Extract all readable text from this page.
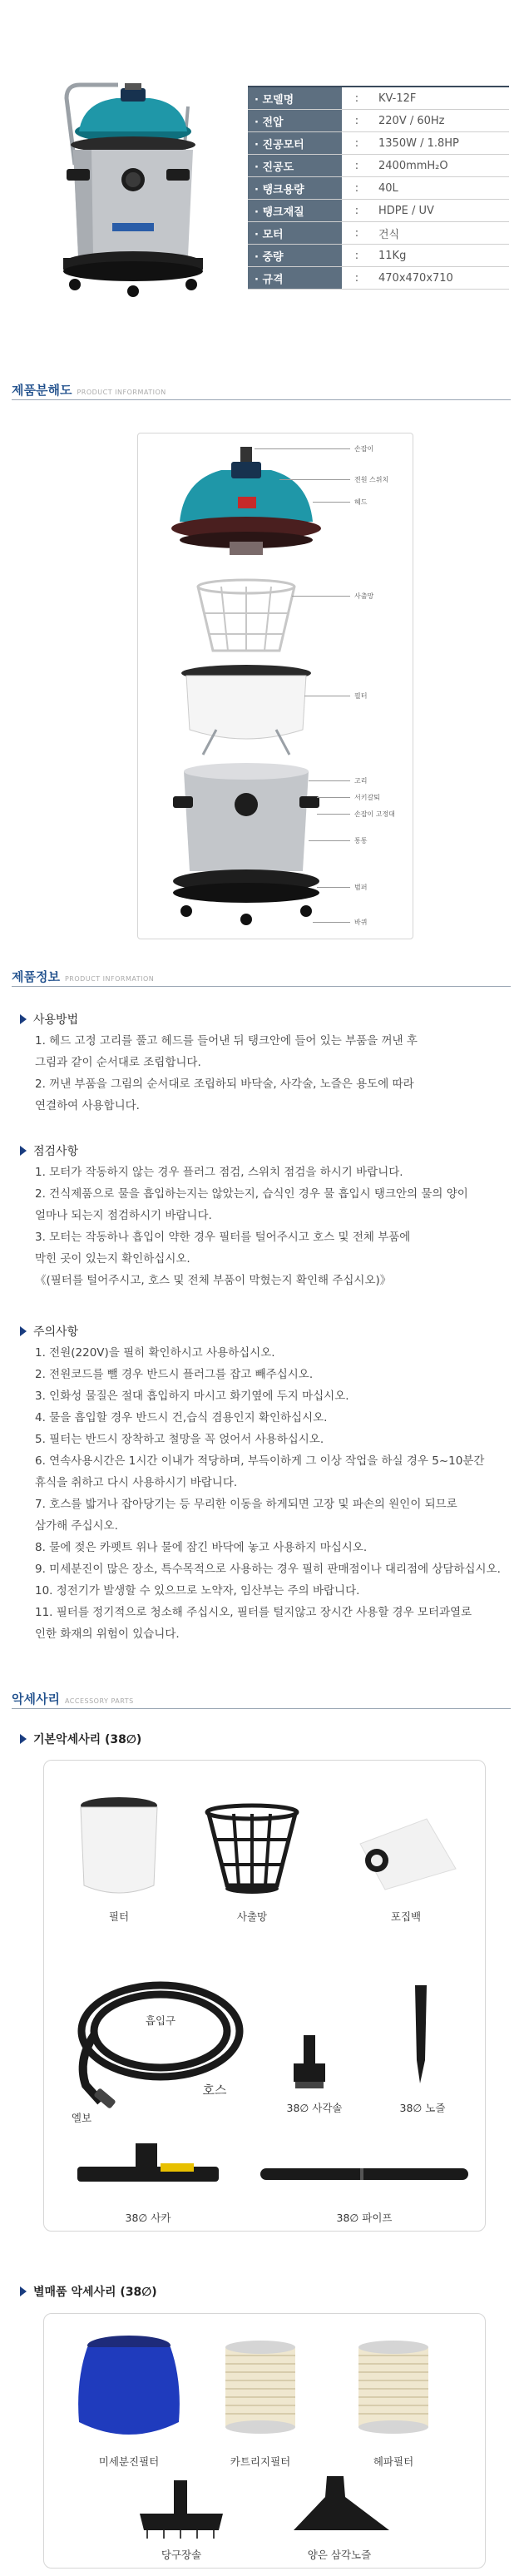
· 모델명	:	KV-12F
· 전압	:	220V / 60Hz
· 진공모터	:	1350W / 1.8HP
· 진공도	:	2400mmH₂O
· 탱크용량	:	40L
· 탱크재질	:	HDPE / UV
· 모터	:	건식
· 중량	:	11Kg
· 규격	:	470x470x710
제품분해도 PRODUCT INFORMATION
손잡이
전원 스위치
헤드
사출망
필터
고리
서키갈퇴
손잡이 고정대
통통
범퍼
바퀴
제품정보 PRODUCT INFORMATION
사용방법
1. 헤드 고정 고리를 풀고 헤드를 들어낸 뒤 탱크안에 들어 있는 부품을 꺼낸 후
그림과 같이 순서대로 조립합니다.
2. 꺼낸 부품을 그림의 순서대로 조립하되 바닥술, 사각술, 노즐은 용도에 따라
연결하여 사용합니다.
점검사항
1. 모터가 작동하지 않는 경우 플러그 점검, 스위치 점검을 하시기 바랍니다.
2. 건식제품으로 물을 흡입하는지는 않았는지, 습식인 경우 물 흡입시 탱크안의 물의 양이
얼마나 되는지 점검하시기 바랍니다.
3. 모터는 작동하나 흡입이 약한 경우 필터를 털어주시고 호스 및 전체 부품에
막힌 곳이 있는지 확인하십시오.
《(필터를 털어주시고, 호스 및 전체 부품이 막혔는지 확인해 주십시오)》
주의사항
1. 전원(220V)을 필히 확인하시고 사용하십시오.
2. 전원코드를 뺄 경우 반드시 플러그를 잡고 빼주십시오.
3. 인화성 물질은 절대 흡입하지 마시고 화기옆에 두지 마십시오.
4. 물을 흡입할 경우 반드시 건,습식 겸용인지 확인하십시오.
5. 필터는 반드시 장착하고 철망을 꼭 얹어서 사용하십시오.
6. 연속사용시간은 1시간 이내가 적당하며, 부득이하게 그 이상 작업을 하실 경우 5~10분간
휴식을 취하고 다시 사용하시기 바랍니다.
7. 호스를 밟거나 잡아당기는 등 무리한 이동을 하게되면 고장 및 파손의 원인이 되므로
삼가해 주십시오.
8. 물에 젖은 카펫트 위나 물에 잠긴 바닥에 놓고 사용하지 마십시오.
9. 미세분진이 많은 장소, 특수목적으로 사용하는 경우 필히 판매점이나 대리점에 상담하십시오.
10. 정전기가 발생할 수 있으므로 노약자, 임산부는 주의 바랍니다.
11. 필터를 정기적으로 청소해 주십시오, 필터를 털지않고 장시간 사용할 경우 모터과열로
인한 화재의 위험이 있습니다.
악세사리 ACCESSORY PARTS
기본악세사리 (38∅)
필터	사출망	포집백
흡입구
호스
엘보
38∅ 사각솔	38∅ 노즐
38∅ 사카	38∅ 파이프
별매품 악세사리 (38∅)
미세분진필터	카트리지필터	헤파필터
당구장솔	양은 삼각노즐
